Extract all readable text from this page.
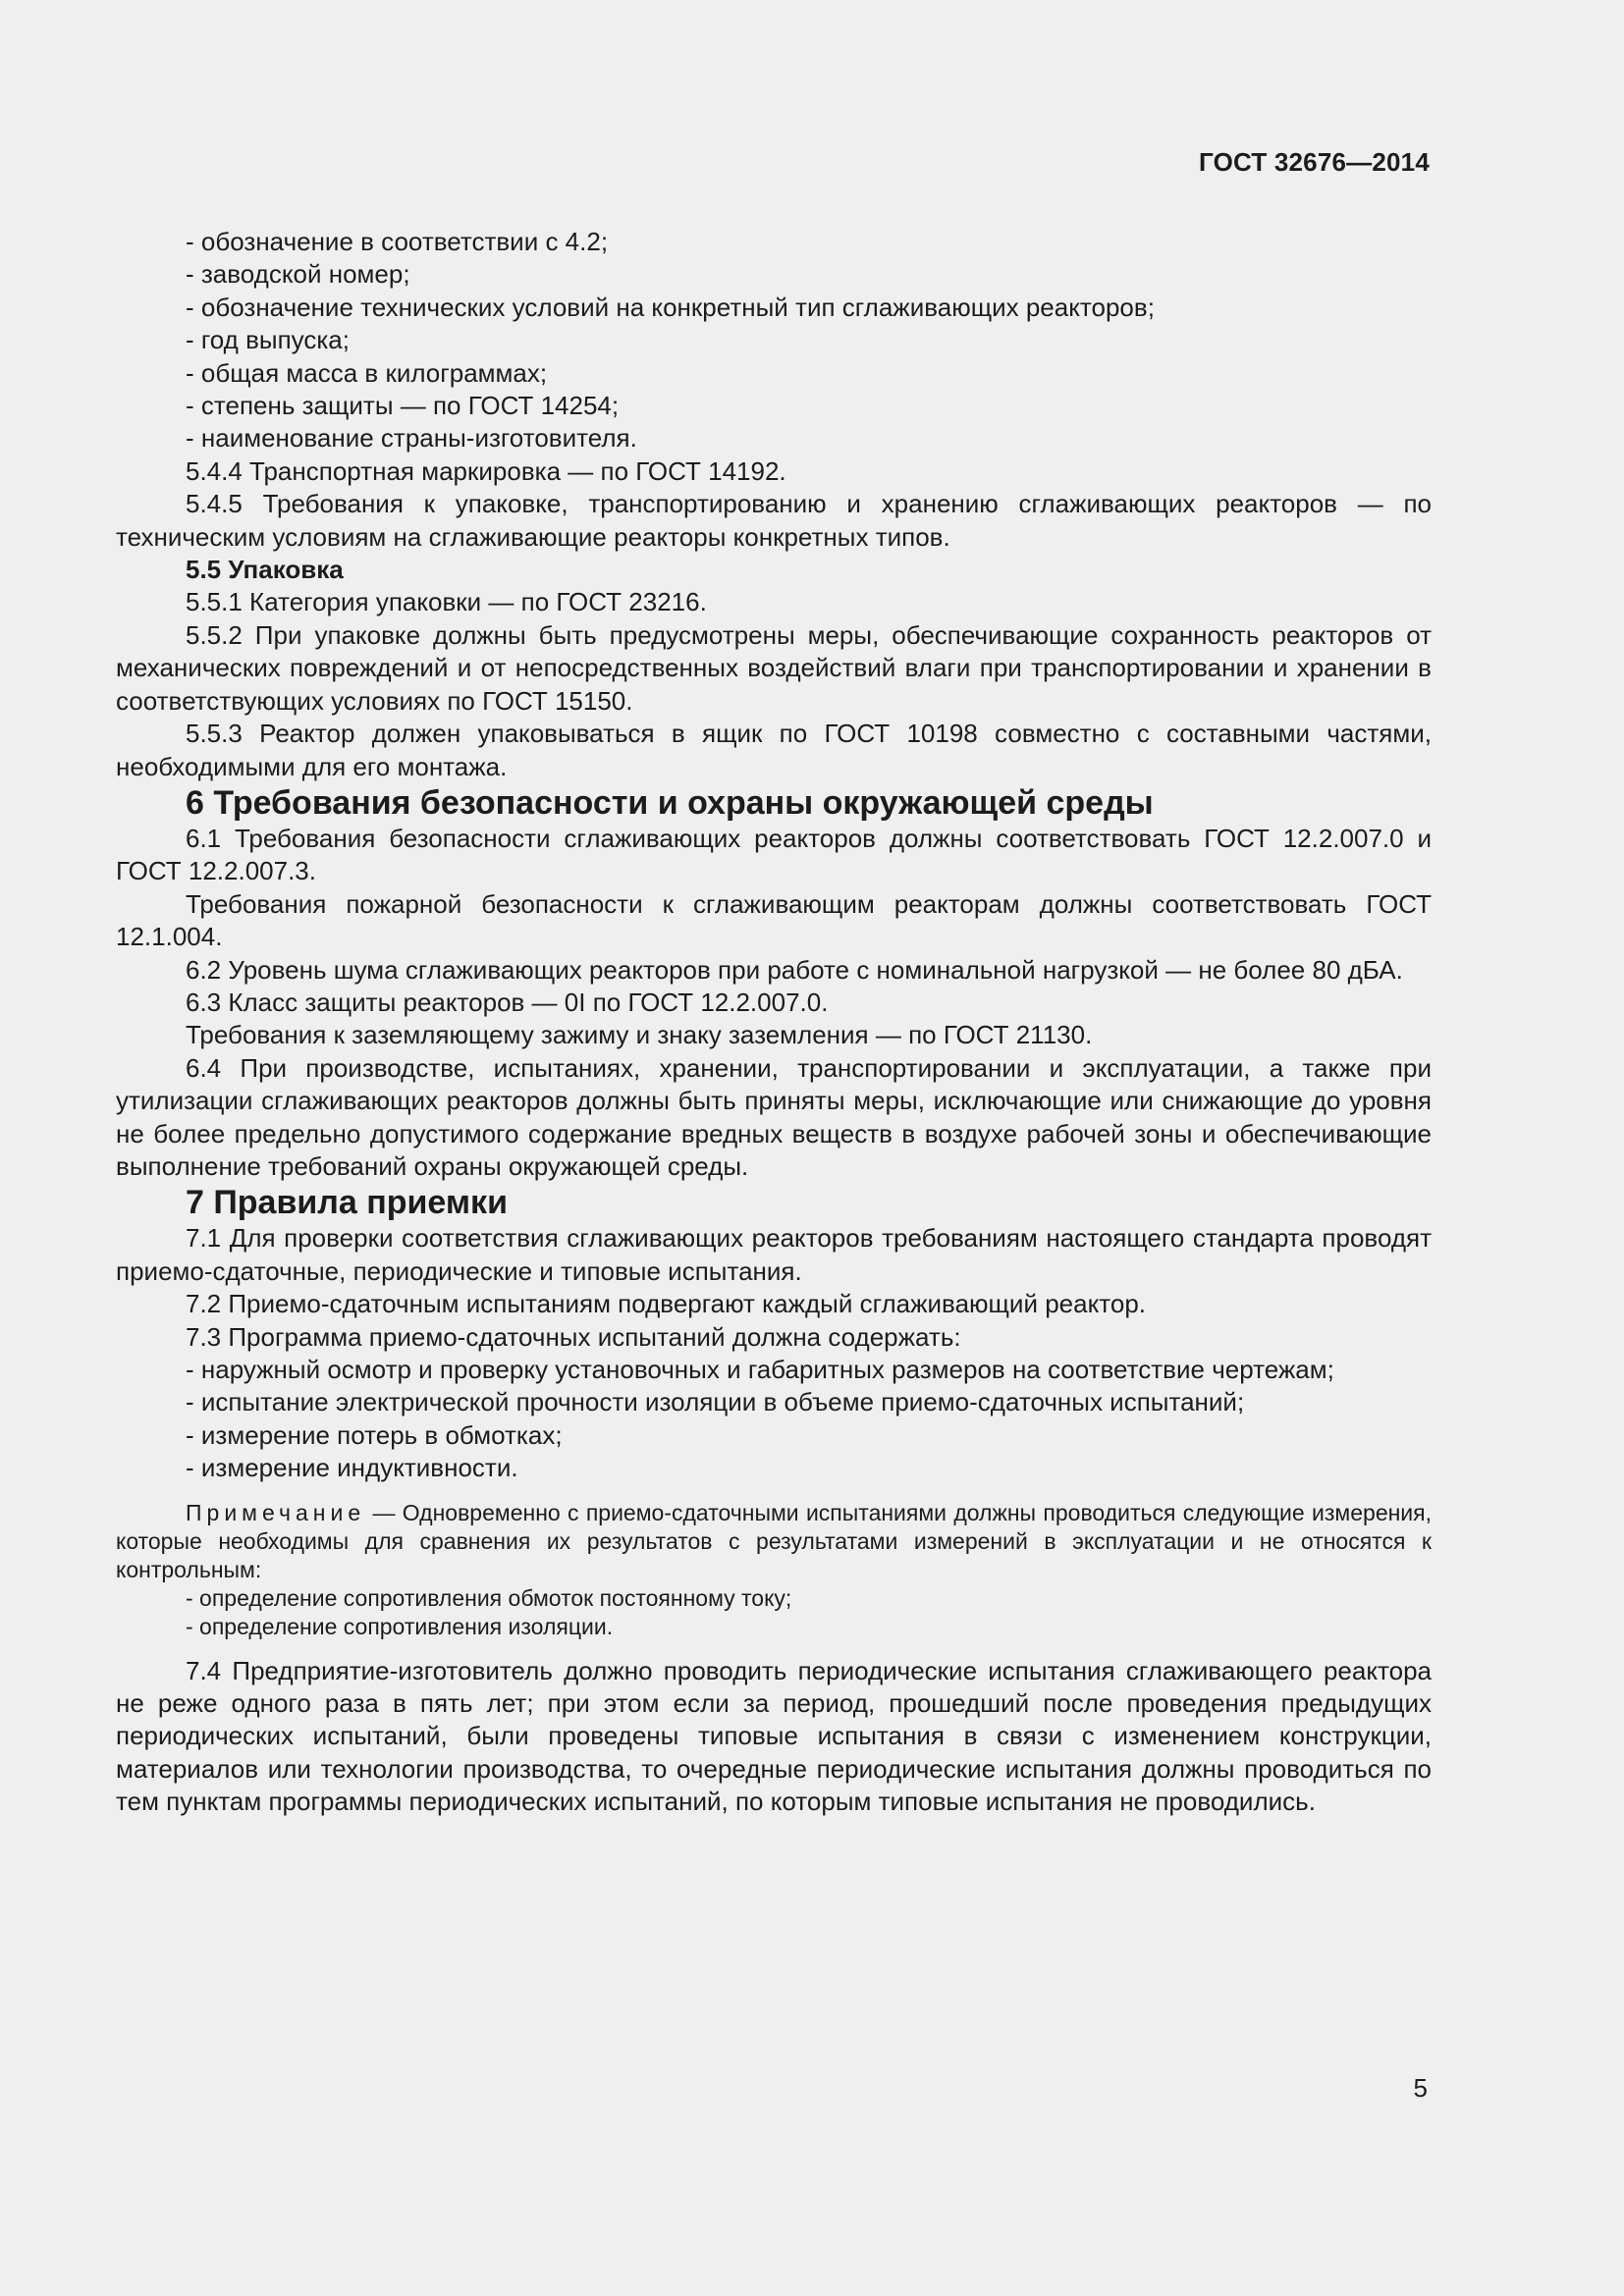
ГОСТ 32676—2014

- обозначение в соответствии с 4.2;

- заводской номер;

- обозначение технических условий на конкретный тип сглаживающих реакторов;

- год выпуска;

- общая масса в килограммах;

- степень защиты — по ГОСТ 14254;

- наименование страны-изготовителя.

5.4.4 Транспортная маркировка — по ГОСТ 14192.

5.4.5 Требования к упаковке, транспортированию и хранению сглаживающих реакторов — по техническим условиям на сглаживающие реакторы конкретных типов.

5.5 Упаковка

5.5.1 Категория упаковки — по ГОСТ 23216.

5.5.2 При упаковке должны быть предусмотрены меры, обеспечивающие сохранность реакторов от механических повреждений и от непосредственных воздействий влаги при транспортировании и хранении в соответствующих условиях по ГОСТ 15150.

5.5.3 Реактор должен упаковываться в ящик по ГОСТ 10198 совместно с составными частями, необходимыми для его монтажа.

6 Требования безопасности и охраны окружающей среды

6.1 Требования безопасности сглаживающих реакторов должны соответствовать ГОСТ 12.2.007.0 и ГОСТ 12.2.007.3.

Требования пожарной безопасности к сглаживающим реакторам должны соответствовать ГОСТ 12.1.004.

6.2 Уровень шума сглаживающих реакторов при работе с номинальной нагрузкой — не более 80 дБА.

6.3 Класс защиты реакторов — 0I по ГОСТ 12.2.007.0.

Требования к заземляющему зажиму и знаку заземления — по ГОСТ 21130.

6.4 При производстве, испытаниях, хранении, транспортировании и эксплуатации, а также при утилизации сглаживающих реакторов должны быть приняты меры, исключающие или снижающие до уровня не более предельно допустимого содержание вредных веществ в воздухе рабочей зоны и обеспечивающие выполнение требований охраны окружающей среды.

7 Правила приемки

7.1 Для проверки соответствия сглаживающих реакторов требованиям настоящего стандарта проводят приемо-сдаточные, периодические и типовые испытания.

7.2 Приемо-сдаточным испытаниям подвергают каждый сглаживающий реактор.

7.3 Программа приемо-сдаточных испытаний должна содержать:

- наружный осмотр и проверку установочных и габаритных размеров на соответствие чертежам;

- испытание электрической прочности изоляции в объеме приемо-сдаточных испытаний;

- измерение потерь в обмотках;

- измерение индуктивности.

Примечание — Одновременно с приемо-сдаточными испытаниями должны проводиться следующие измерения, которые необходимы для сравнения их результатов с результатами измерений в эксплуатации и не относятся к контрольным:

- определение сопротивления обмоток постоянному току;

- определение сопротивления изоляции.

7.4 Предприятие-изготовитель должно проводить периодические испытания сглаживающего реактора не реже одного раза в пять лет; при этом если за период, прошедший после проведения предыдущих периодических испытаний, были проведены типовые испытания в связи с изменением конструкции, материалов или технологии производства, то очередные периодические испытания должны проводиться по тем пунктам программы периодических испытаний, по которым типовые испытания не проводились.

5
